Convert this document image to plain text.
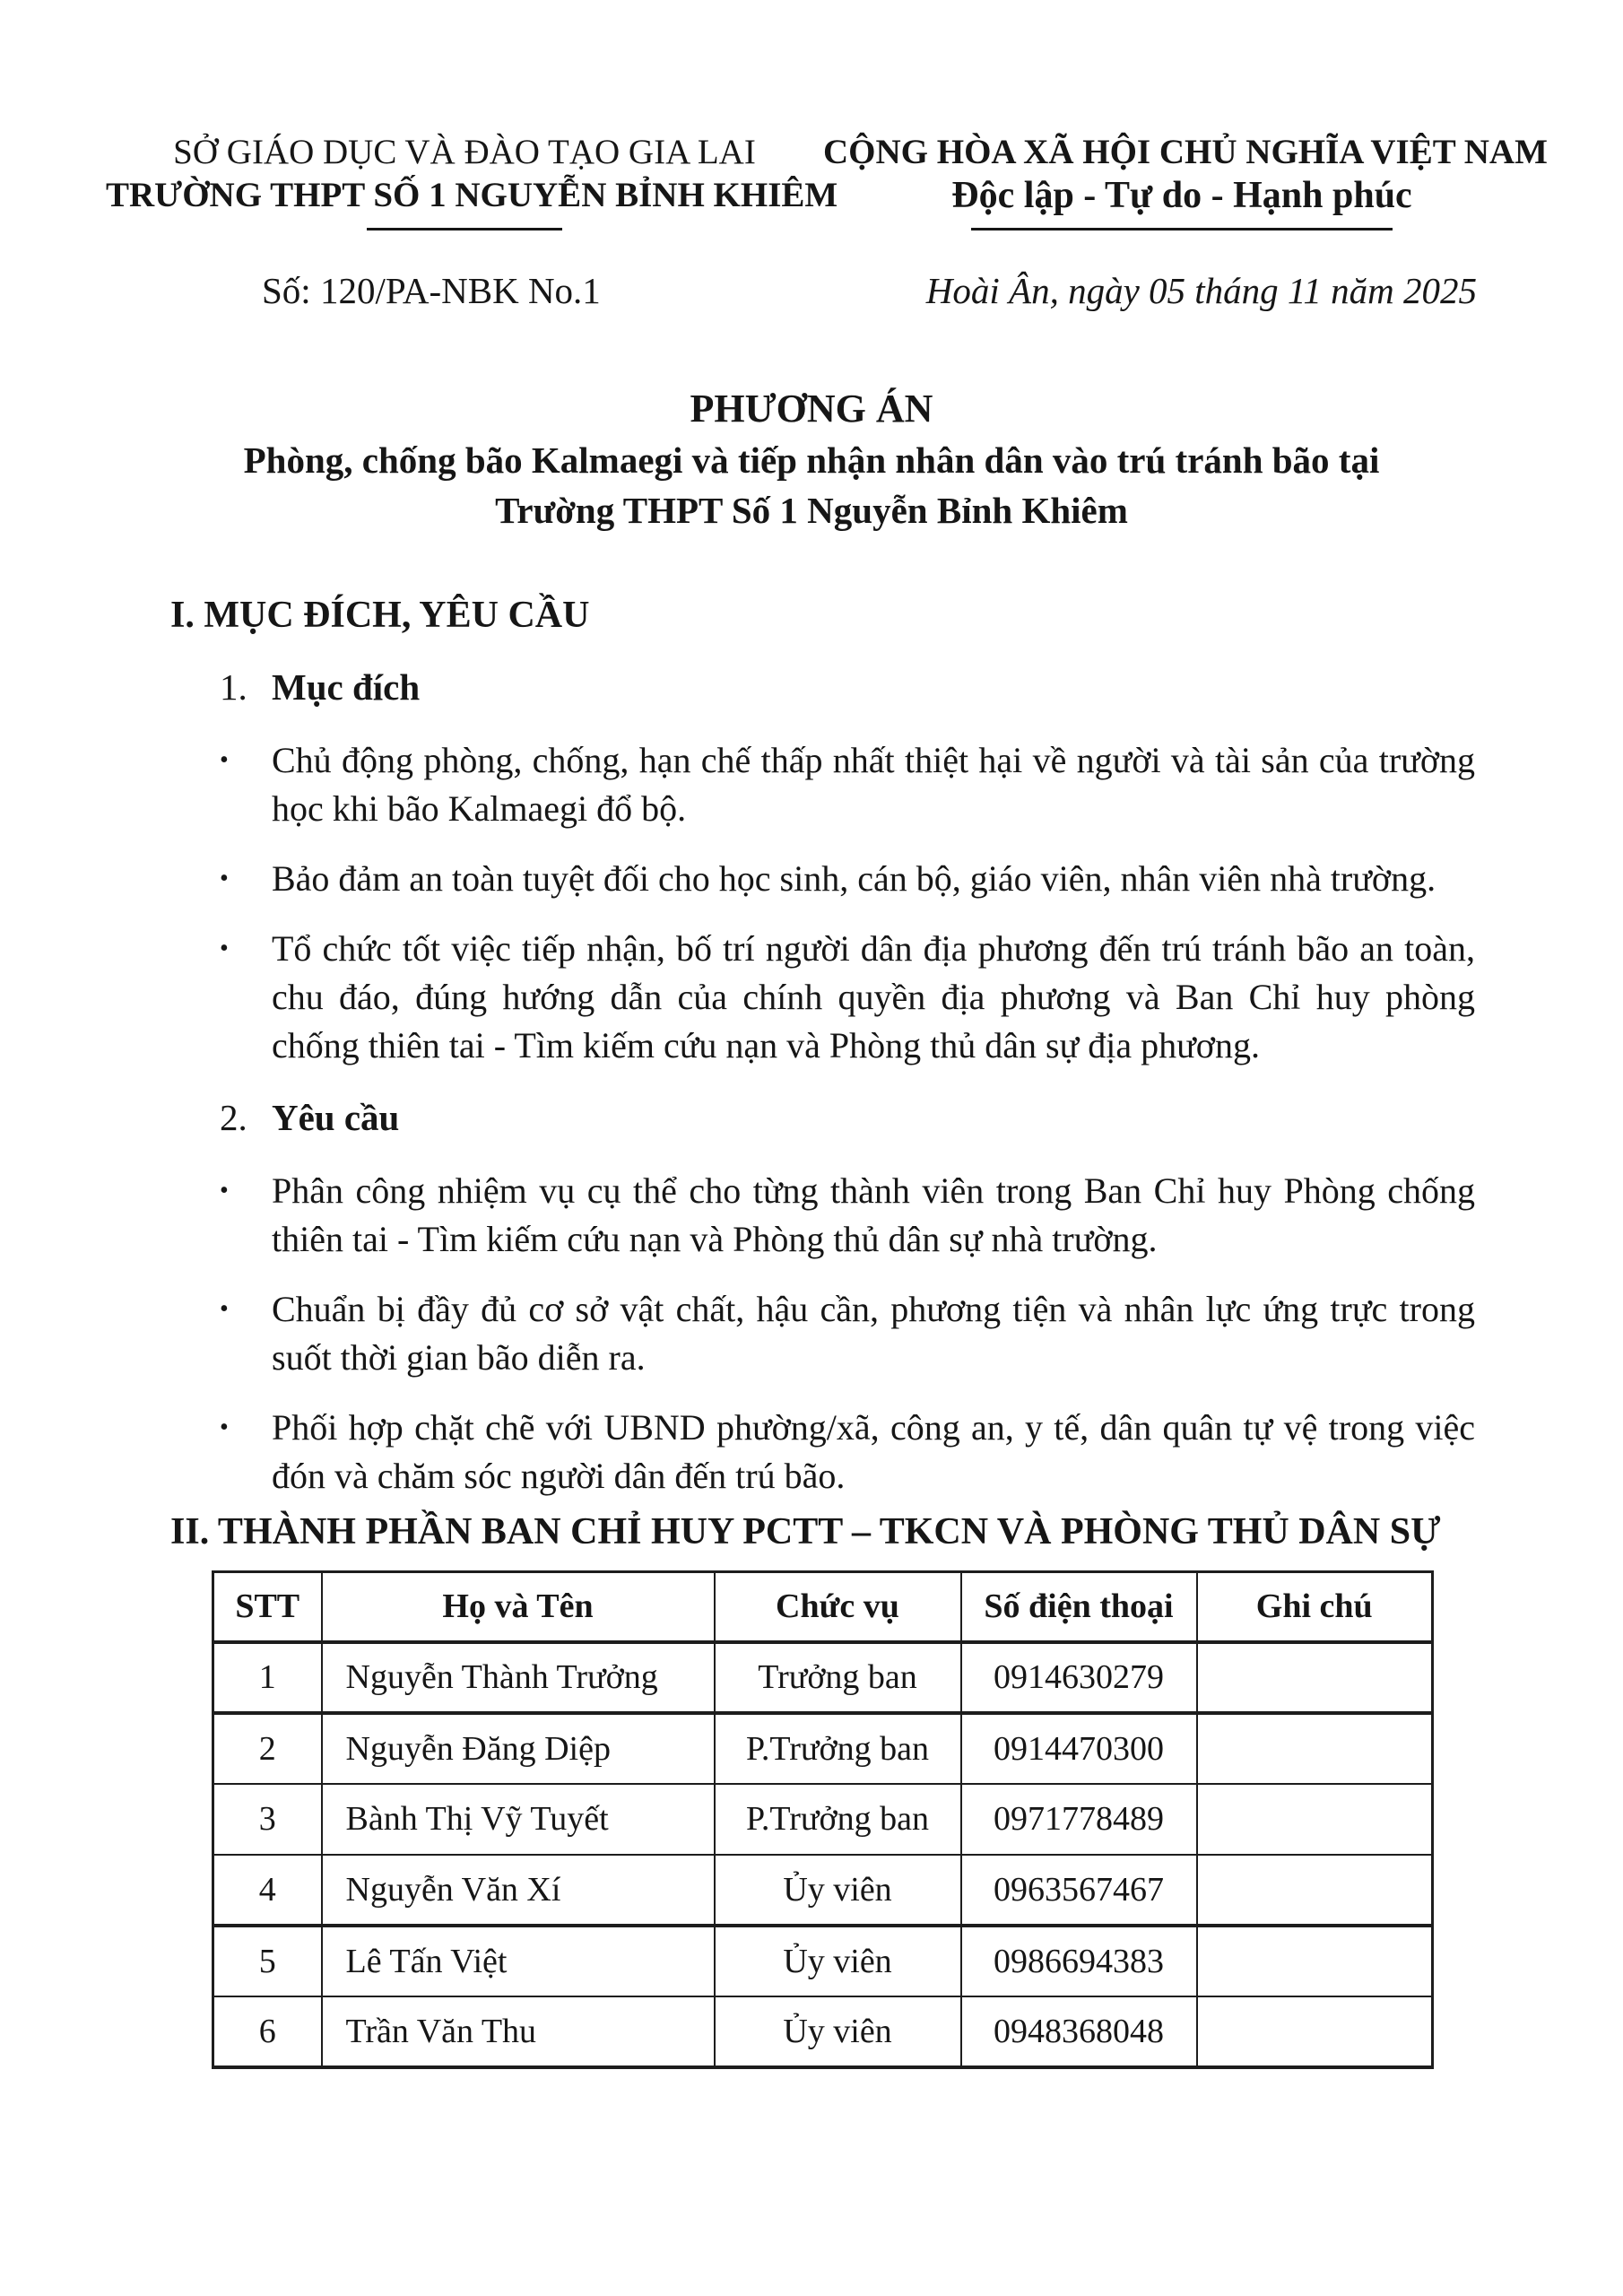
SỞ GIÁO DỤC VÀ ĐÀO TẠO GIA LAI
TRƯỜNG THPT SỐ 1 NGUYỄN BỈNH KHIÊM
CỘNG HÒA XÃ HỘI CHỦ NGHĨA VIỆT NAM
Độc lập - Tự do - Hạnh phúc
Số: 120/PA-NBK No.1	Hoài Ân, ngày 05 tháng 11 năm 2025
PHƯƠNG ÁN
Phòng, chống bão Kalmaegi và tiếp nhận nhân dân vào trú tránh bão tại
Trường THPT Số 1 Nguyễn Bỉnh Khiêm
I. MỤC ĐÍCH, YÊU CẦU
1. Mục đích
•	Chủ động phòng, chống, hạn chế thấp nhất thiệt hại về người và tài sản của trường học khi bão Kalmaegi đổ bộ.
•	Bảo đảm an toàn tuyệt đối cho học sinh, cán bộ, giáo viên, nhân viên nhà trường.
•	Tổ chức tốt việc tiếp nhận, bố trí người dân địa phương đến trú tránh bão an toàn, chu đáo, đúng hướng dẫn của chính quyền địa phương và Ban Chỉ huy phòng chống thiên tai - Tìm kiếm cứu nạn và Phòng thủ dân sự địa phương.
2. Yêu cầu
•	Phân công nhiệm vụ cụ thể cho từng thành viên trong Ban Chỉ huy Phòng chống thiên tai - Tìm kiếm cứu nạn và Phòng thủ dân sự nhà trường.
•	Chuẩn bị đầy đủ cơ sở vật chất, hậu cần, phương tiện và nhân lực ứng trực trong suốt thời gian bão diễn ra.
•	Phối hợp chặt chẽ với UBND phường/xã, công an, y tế, dân quân tự vệ trong việc đón và chăm sóc người dân đến trú bão.
II. THÀNH PHẦN BAN CHỈ HUY PCTT – TKCN VÀ PHÒNG THỦ DÂN SỰ
STT	Họ và Tên	Chức vụ	Số điện thoại	Ghi chú
1	Nguyễn Thành Trưởng	Trưởng ban	0914630279	
2	Nguyễn Đăng Diệp	P.Trưởng ban	0914470300	
3	Bành Thị Vỹ Tuyết	P.Trưởng ban	0971778489	
4	Nguyễn Văn Xí	Ủy viên	0963567467	
5	Lê Tấn Việt	Ủy viên	0986694383	
6	Trần Văn Thu	Ủy viên	0948368048	
